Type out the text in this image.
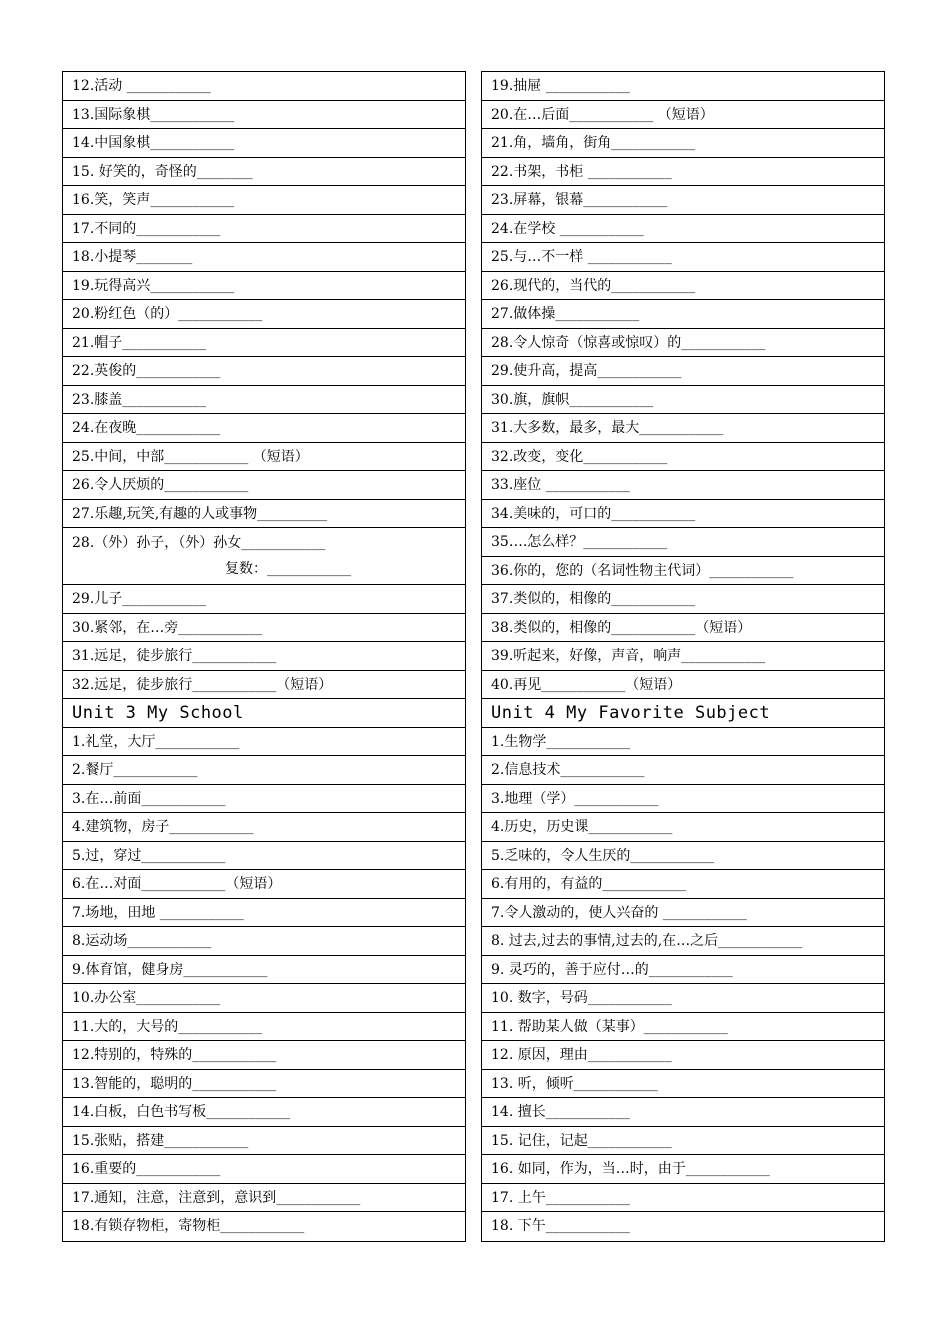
12.活动 ____________
13.国际象棋____________
14.中国象棋____________
15. 好笑的，奇怪的________
16.笑，笑声____________
17.不同的____________
18.小提琴________
19.玩得高兴____________
20.粉红色（的）____________
21.帽子____________
22.英俊的____________
23.膝盖____________
24.在夜晚____________
25.中间，中部____________ （短语）
26.令人厌烦的____________
27.乐趣,玩笑,有趣的人或事物__________
28.（外）孙子，（外）孙女____________
复数：____________
29.儿子____________
30.紧邻，在…旁____________
31.远足，徒步旅行____________
32.远足，徒步旅行____________（短语）
Unit 3 My School
1.礼堂，大厅____________
2.餐厅____________
3.在…前面____________
4.建筑物，房子____________
5.过，穿过____________
6.在…对面____________（短语）
7.场地，田地 ____________
8.运动场____________
9.体育馆，健身房____________
10.办公室____________
11.大的，大号的____________
12.特别的，特殊的____________
13.智能的，聪明的____________
14.白板，白色书写板____________
15.张贴，搭建____________
16.重要的____________
17.通知，注意，注意到，意识到____________
18.有锁存物柜，寄物柜____________
19.抽屉 ____________
20.在…后面____________ （短语）
21.角，墙角，街角____________
22.书架，书柜 ____________
23.屏幕，银幕____________
24.在学校 ____________
25.与…不一样 ____________
26.现代的，当代的____________
27.做体操____________
28.令人惊奇（惊喜或惊叹）的____________
29.使升高，提高____________
30.旗，旗帜____________
31.大多数，最多，最大____________
32.改变，变化____________
33.座位 ____________
34.美味的，可口的____________
35….怎么样？____________
36.你的，您的（名词性物主代词）____________
37.类似的，相像的____________
38.类似的，相像的____________（短语）
39.听起来，好像，声音，响声____________
40.再见____________（短语）
Unit 4 My Favorite Subject
1.生物学____________
2.信息技术____________
3.地理（学）____________
4.历史，历史课____________
5.乏味的，令人生厌的____________
6.有用的，有益的____________
7.令人激动的，使人兴奋的 ____________
8. 过去,过去的事情,过去的,在…之后____________
9. 灵巧的，善于应付…的____________
10. 数字，号码____________
11. 帮助某人做（某事）____________
12. 原因，理由____________
13. 听，倾听____________
14. 擅长____________
15. 记住，记起____________
16. 如同，作为，当…时，由于____________
17. 上午____________
18. 下午____________
